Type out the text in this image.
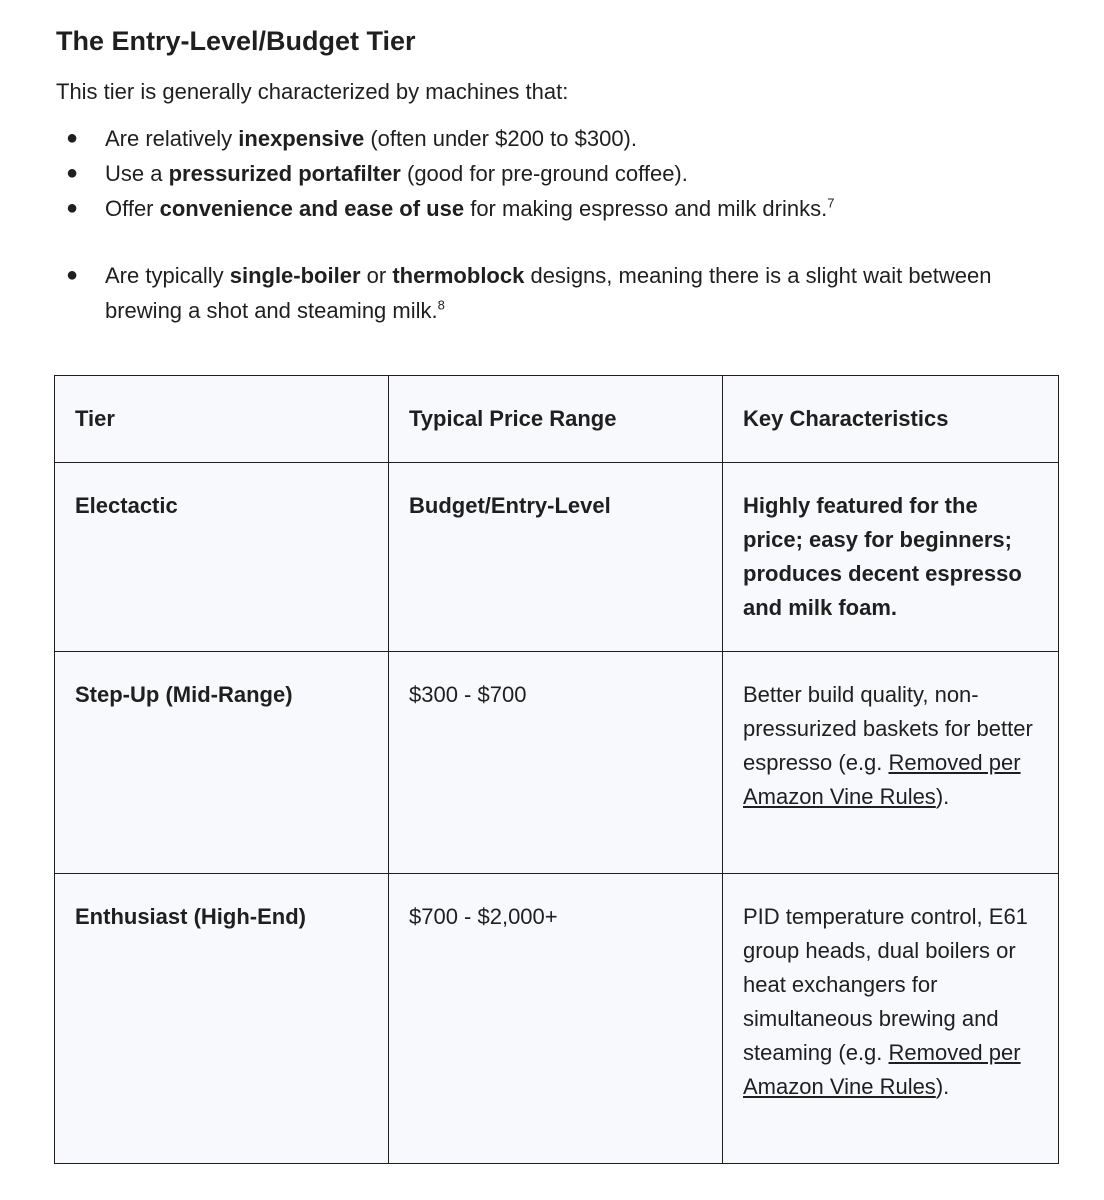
The Entry-Level/Budget Tier

This tier is generally characterized by machines that:

● Are relatively inexpensive (often under $200 to $300).
● Use a pressurized portafilter (good for pre-ground coffee).
● Offer convenience and ease of use for making espresso and milk drinks.$^7$
● Are typically single-boiler or thermoblock designs, meaning there is a slight wait between brewing a shot and steaming milk.$^8$
Tier	Typical Price Range	Key Characteristics
Electactic	Budget/Entry-Level	Highly featured for the price; easy for beginners; produces decent espresso and milk foam.
Step-Up (Mid-Range)	$300 - $700	Better build quality, non-pressurized baskets for better espresso (e.g. Removed per Amazon Vine Rules).
Enthusiast (High-End)	$700 - $2,000+	PID temperature control, E61 group heads, dual boilers or heat exchangers for simultaneous brewing and steaming (e.g. Removed per Amazon Vine Rules).
